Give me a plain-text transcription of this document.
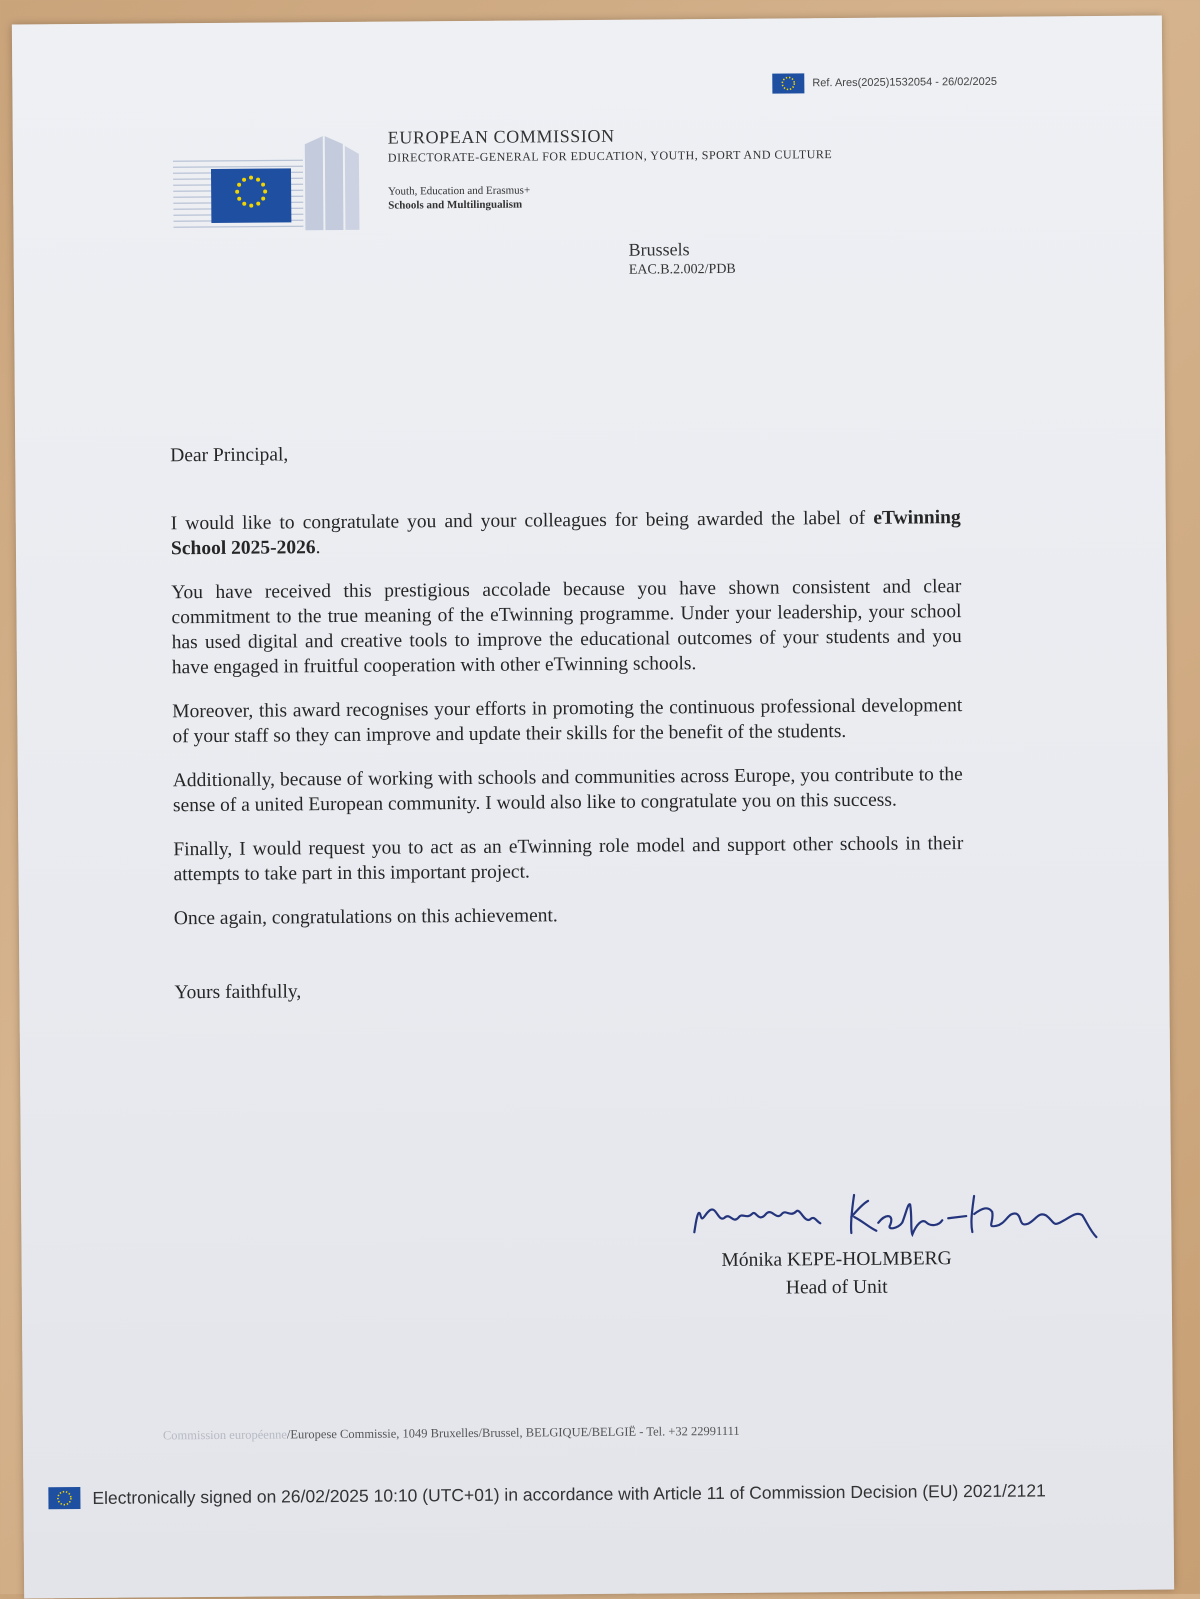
Ref. Ares(2025)1532054 - 26/02/2025
EUROPEAN COMMISSION
DIRECTORATE-GENERAL FOR EDUCATION, YOUTH, SPORT AND CULTURE
Youth, Education and Erasmus+
Schools and Multilingualism
Brussels
EAC.B.2.002/PDB

Dear Principal,

I would like to congratulate you and your colleagues for being awarded the label of eTwinning School 2025-2026.

You have received this prestigious accolade because you have shown consistent and clear commitment to the true meaning of the eTwinning programme. Under your leadership, your school has used digital and creative tools to improve the educational outcomes of your students and you have engaged in fruitful cooperation with other eTwinning schools.

Moreover, this award recognises your efforts in promoting the continuous professional development of your staff so they can improve and update their skills for the benefit of the students.

Additionally, because of working with schools and communities across Europe, you contribute to the sense of a united European community. I would also like to congratulate you on this success.

Finally, I would request you to act as an eTwinning role model and support other schools in their attempts to take part in this important project.

Once again, congratulations on this achievement.

Yours faithfully,

Mónika KEPE-HOLMBERG
Head of Unit
Commission européenne/Europese Commissie, 1049 Bruxelles/Brussel, BELGIQUE/BELGIË - Tel. +32 22991111
Electronically signed on 26/02/2025 10:10 (UTC+01) in accordance with Article 11 of Commission Decision (EU) 2021/2121
